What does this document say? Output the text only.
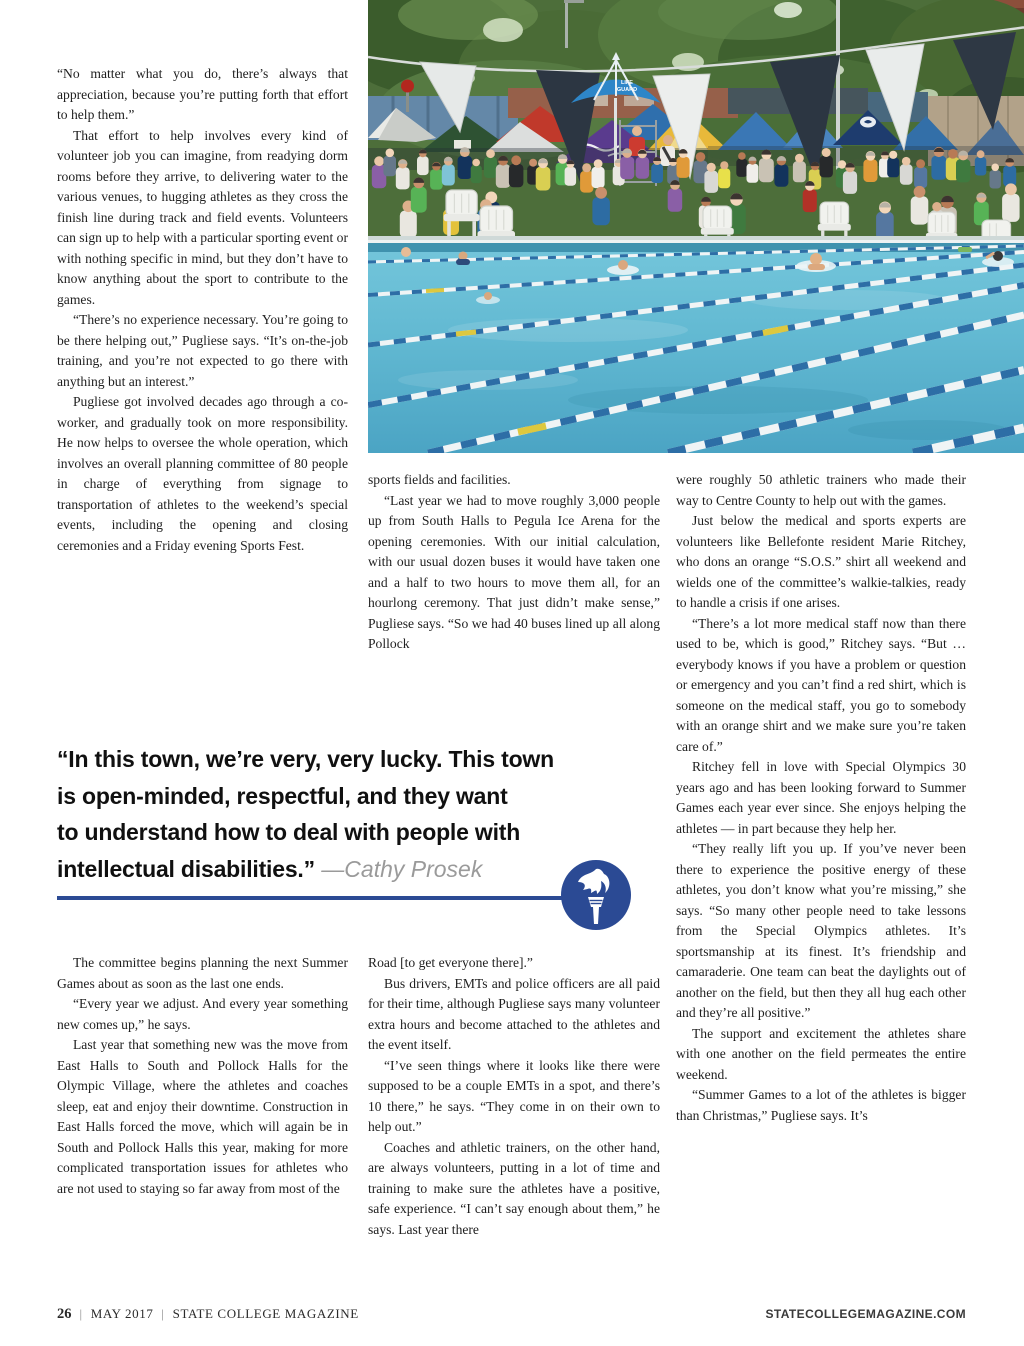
LIFE
GUARD

“No matter what you do, there’s always that appreciation, because you’re putting forth that effort to help them.”

That effort to help involves every kind of volunteer job you can imagine, from readying dorm rooms before they arrive, to delivering water to the various venues, to hugging athletes as they cross the finish line during track and field events. Volunteers can sign up to help with a particular sporting event or with nothing specific in mind, but they don’t have to know anything about the sport to contribute to the games.

“There’s no experience necessary. You’re going to be there helping out,” Pugliese says. “It’s on-the-job training, and you’re not expected to go there with anything but an interest.”

Pugliese got involved decades ago through a co-worker, and gradually took on more responsibility. He now helps to oversee the whole operation, which involves an overall planning committee of 80 people in charge of everything from signage to transportation of athletes to the weekend’s special events, including the opening and closing ceremonies and a Friday evening Sports Fest.

sports fields and facilities.

“Last year we had to move roughly 3,000 people up from South Halls to Pegula Ice Arena for the opening ceremonies. With our initial calculation, with our usual dozen buses it would have taken one and a half to two hours to move them all, for an hourlong ceremony. That just didn’t make sense,” Pugliese says. “So we had 40 buses lined up all along Pollock

were roughly 50 athletic trainers who made their way to Centre County to help out with the games.

Just below the medical and sports experts are volunteers like Bellefonte resident Marie Ritchey, who dons an orange “S.O.S.” shirt all weekend and wields one of the committee’s walkie-talkies, ready to handle a crisis if one arises.

“There’s a lot more medical staff now than there used to be, which is good,” Ritchey says. “But … everybody knows if you have a problem or question or emergency and you can’t find a red shirt, which is someone on the medical staff, you go to somebody with an orange shirt and we make sure you’re taken care of.”

Ritchey fell in love with Special Olympics 30 years ago and has been looking forward to Summer Games each year ever since. She enjoys helping the athletes — in part because they help her.

“They really lift you up. If you’ve never been there to experience the positive energy of these athletes, you don’t know what you’re missing,” she says. “So many other people need to take lessons from the Special Olympics athletes. It’s sportsmanship at its finest. It’s friendship and camaraderie. One team can beat the daylights out of another on the field, but then they all hug each other and they’re all positive.”

The support and excitement the athletes share with one another on the field permeates the entire weekend.

“Summer Games to a lot of the athletes is bigger than Christmas,” Pugliese says. It’s

“In this town, we’re very, very lucky. This town
is open-minded, respectful, and they want
to understand how to deal with people with
intellectual disabilities.” —Cathy Prosek

The committee begins planning the next Summer Games about as soon as the last one ends.

“Every year we adjust. And every year something new comes up,” he says.

Last year that something new was the move from East Halls to South and Pollock Halls for the Olympic Village, where the athletes and coaches sleep, eat and enjoy their downtime. Construction in East Halls forced the move, which will again be in South and Pollock Halls this year, making for more complicated transportation issues for athletes who are not used to staying so far away from most of the

Road [to get everyone there].”

Bus drivers, EMTs and police officers are all paid for their time, although Pugliese says many volunteer extra hours and become attached to the athletes and the event itself.

“I’ve seen things where it looks like there were supposed to be a couple EMTs in a spot, and there’s 10 there,” he says. “They come in on their own to help out.”

Coaches and athletic trainers, on the other hand, are always volunteers, putting in a lot of time and training to make sure the athletes have a positive, safe experience. “I can’t say enough about them,” he says. Last year there

26 | MAY 2017 | STATE COLLEGE MAGAZINE	STATECOLLEGEMAGAZINE.COM
